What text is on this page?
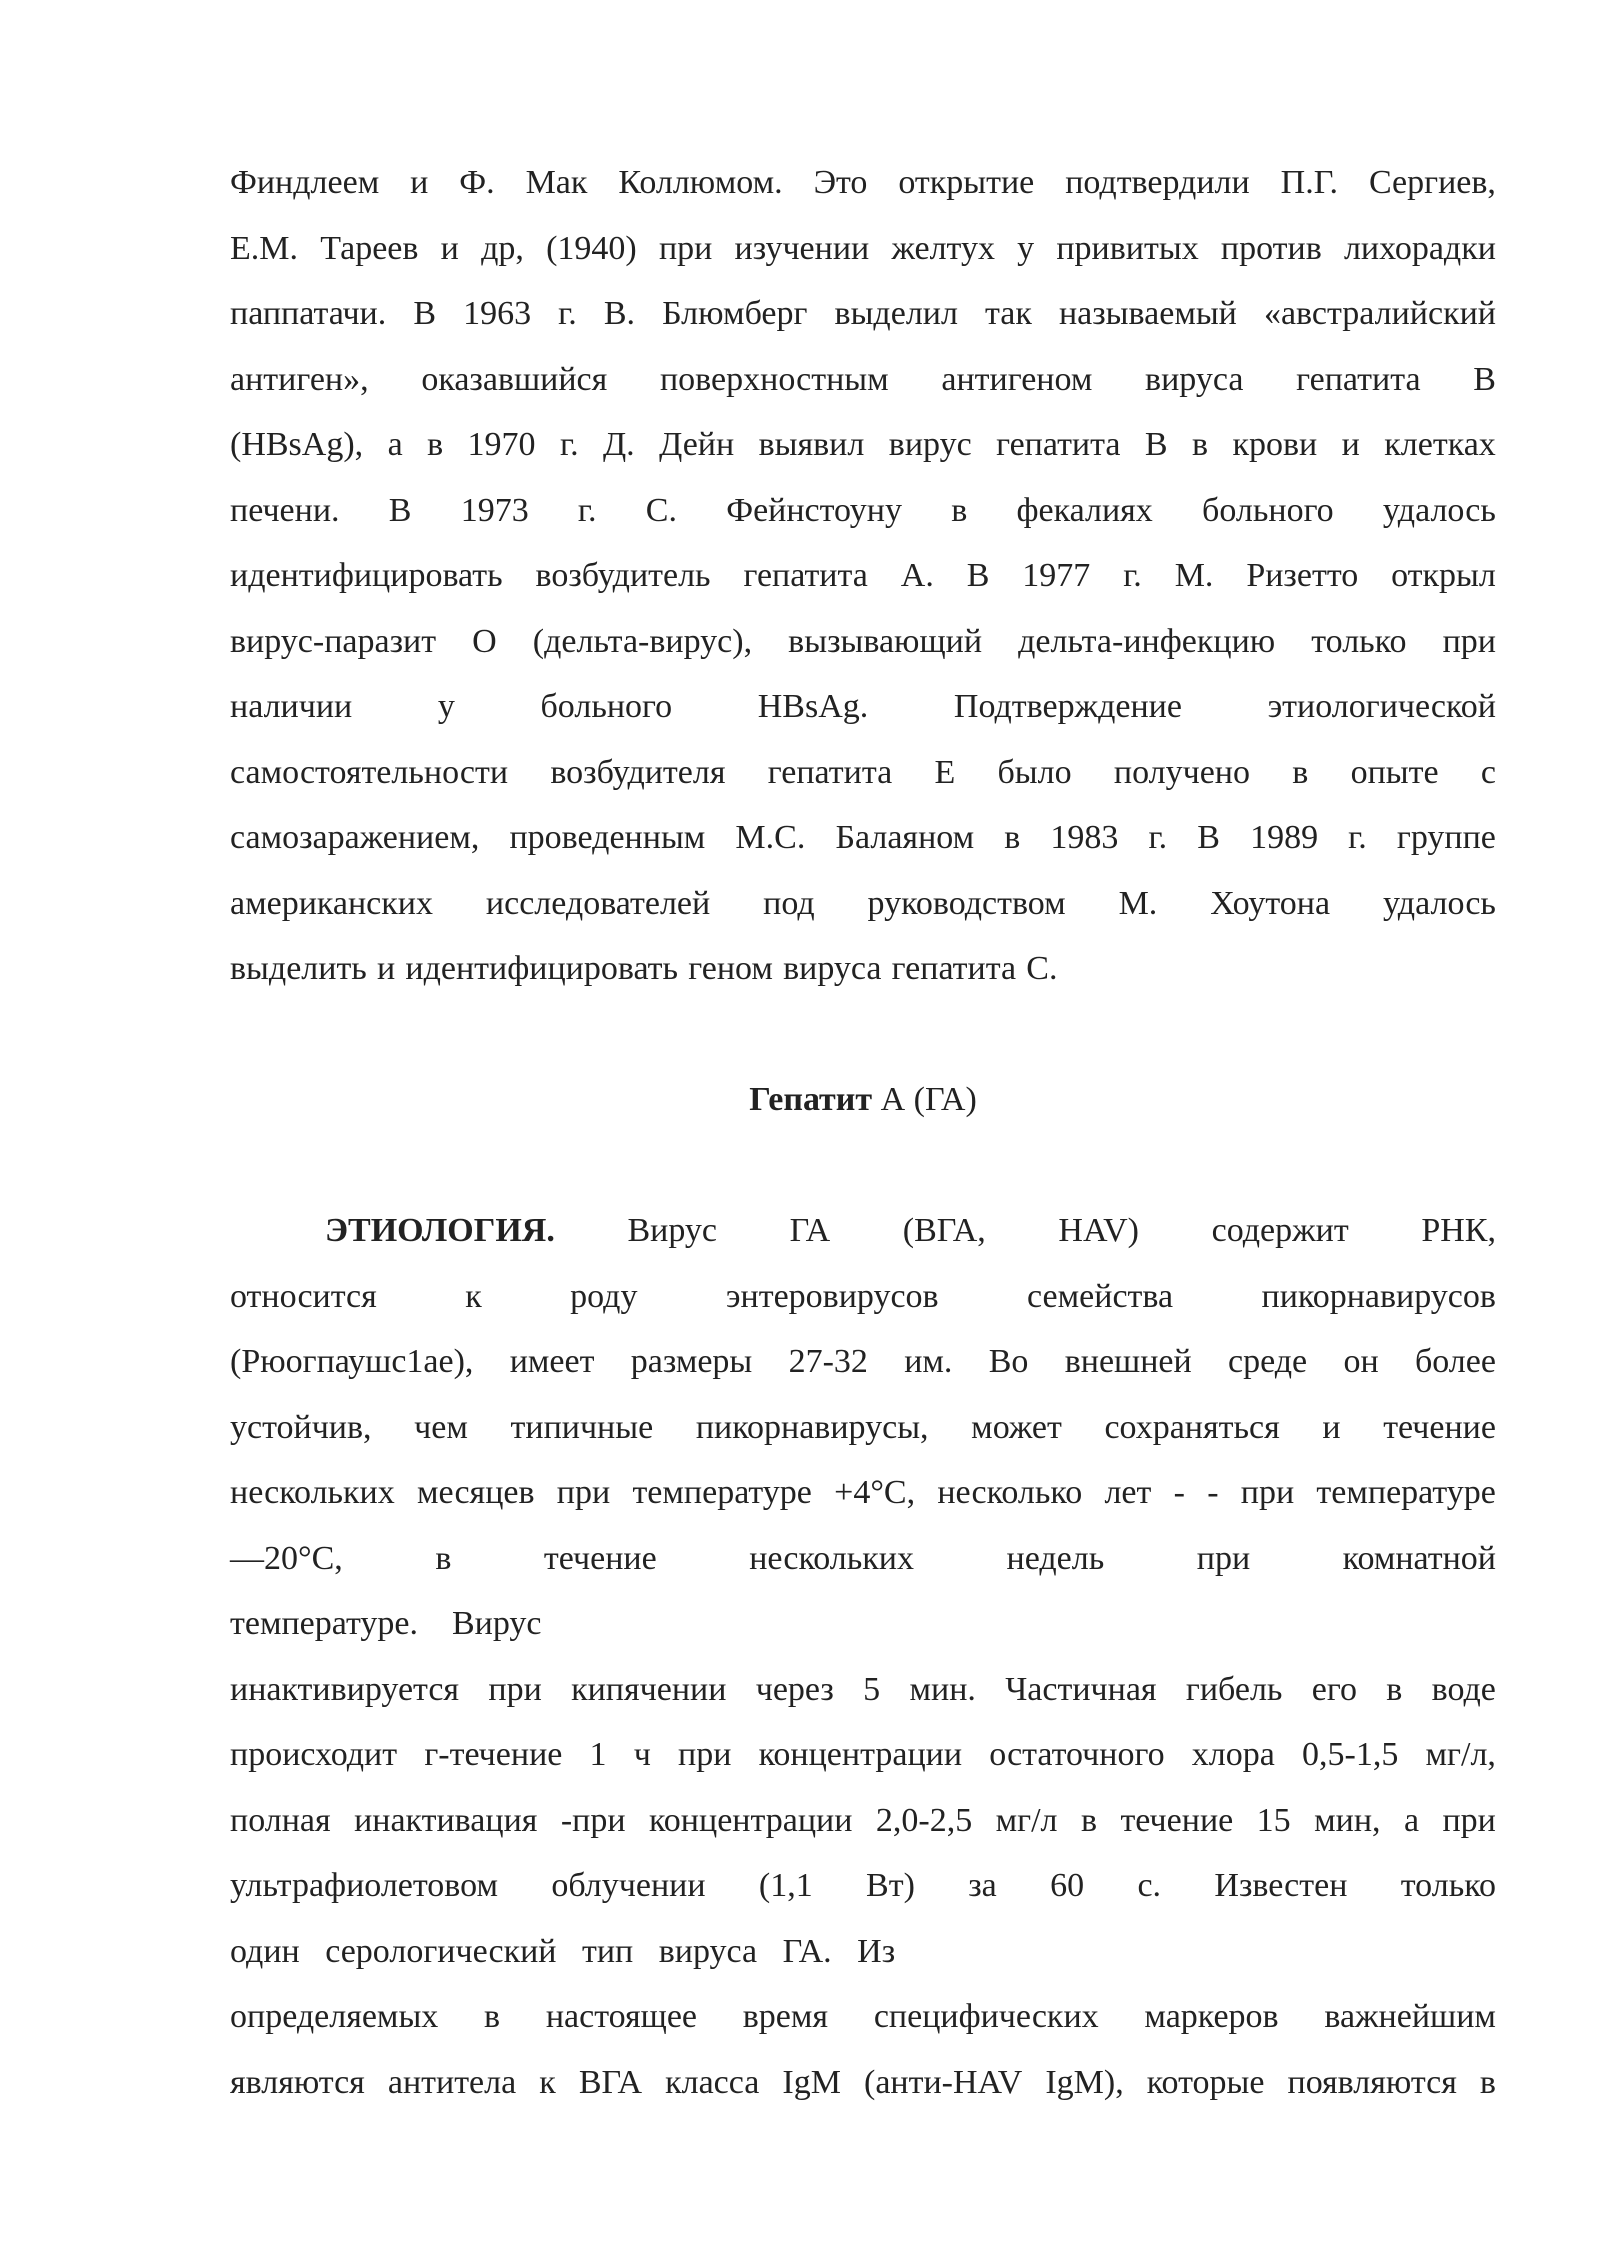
Финдлеем и Ф. Мак Коллюмом. Это открытие подтвердили П.Г. Сергиев,
Е.М. Тареев и др, (1940) при изучении желтух у привитых против лихорадки
паппатачи. В 1963 г. В. Блюмберг выделил так называемый «австралийский
антиген», оказавшийся поверхностным антигеном вируса гепатита В
(HBsAg), а в 1970 г. Д. Дейн выявил вирус гепатита В в крови и клетках
печени. В 1973 г. С. Фейнстоуну в фекалиях больного удалось
идентифицировать возбудитель гепатита А. В 1977 г. М. Ризетто открыл
вирус-паразит О (дельта-вирус), вызывающий дельта-инфекцию только при
наличии	у	больного	HBsAg.	Подтверждение	этиологической
самостоятельности возбудителя гепатита Е было получено в опыте с
самозаражением, проведенным М.С. Балаяном в 1983 г. В 1989 г. группе
американских исследователей под руководством М. Хоутона удалось
выделить и идентифицировать геном вируса гепатита С.
Гепатит А (ГА)
ЭТИОЛОГИЯ. Вирус ГА (ВГА, HAV) содержит РНК,
относится	к	роду	энтеровирусов	семейства	пикорнавирусов
(Рюогпаушс1ае), имеет размеры 27-32 им. Во внешней среде он более
устойчив, чем типичные пикорнавирусы, может сохраняться и течение
нескольких месяцев при температуре +4°С, несколько лет - - при температуре
—20°С,	в	течение	нескольких	недель	при	комнатной
температуре.    Вирус
инактивируется при кипячении через 5 мин. Частичная гибель его в воде
происходит г-течение 1 ч при концентрации остаточного хлора 0,5-1,5 мг/л,
полная инактивация -при концентрации 2,0-2,5 мг/л в течение 15 мин, а при
ультрафиолетовом облучении (1,1 Вт) за 60 с. Известен только
один   серологический   тип   вируса   ГА.   Из
определяемых в настоящее время специфических маркеров важнейшим
являются антитела к ВГА класса IgM (анти-HAV IgM), которые появляются в
